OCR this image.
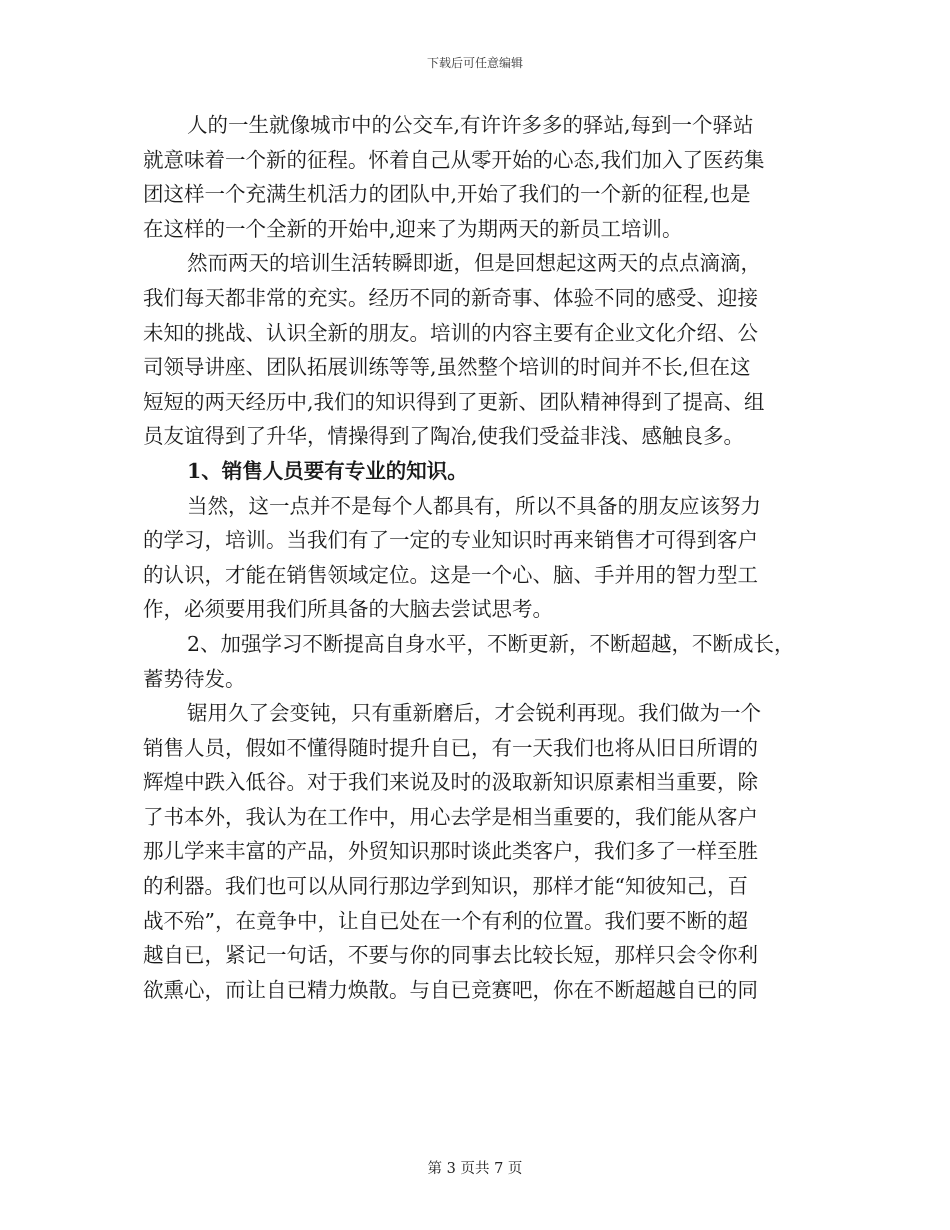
下载后可任意编辑
人的一生就像城市中的公交车,有许许多多的驿站,每到一个驿站
就意味着一个新的征程。怀着自己从零开始的心态,我们加入了医药集
团这样一个充满生机活力的团队中,开始了我们的一个新的征程,也是
在这样的一个全新的开始中,迎来了为期两天的新员工培训。
然而两天的培训生活转瞬即逝，但是回想起这两天的点点滴滴，
我们每天都非常的充实。经历不同的新奇事、体验不同的感受、迎接
未知的挑战、认识全新的朋友。培训的内容主要有企业文化介绍、公
司领导讲座、团队拓展训练等等,虽然整个培训的时间并不长,但在这
短短的两天经历中,我们的知识得到了更新、团队精神得到了提高、组
员友谊得到了升华，情操得到了陶冶,使我们受益非浅、感触良多。
1、销售人员要有专业的知识。
当然，这一点并不是每个人都具有，所以不具备的朋友应该努力
的学习，培训。当我们有了一定的专业知识时再来销售才可得到客户
的认识，才能在销售领域定位。这是一个心、脑、手并用的智力型工
作，必须要用我们所具备的大脑去尝试思考。
2、加强学习不断提高自身水平，不断更新，不断超越，不断成长，
蓄势待发。
锯用久了会变钝，只有重新磨后，才会锐利再现。我们做为一个
销售人员，假如不懂得随时提升自已，有一天我们也将从旧日所谓的
辉煌中跌入低谷。对于我们来说及时的汲取新知识原素相当重要，除
了书本外，我认为在工作中，用心去学是相当重要的，我们能从客户
那儿学来丰富的产品，外贸知识那时谈此类客户，我们多了一样至胜
的利器。我们也可以从同行那边学到知识，那样才能“知彼知己，百
战不殆”，在竟争中，让自已处在一个有利的位置。我们要不断的超
越自已，紧记一句话，不要与你的同事去比较长短，那样只会令你利
欲熏心，而让自已精力焕散。与自已竞赛吧，你在不断超越自已的同
第 3 页共 7 页
